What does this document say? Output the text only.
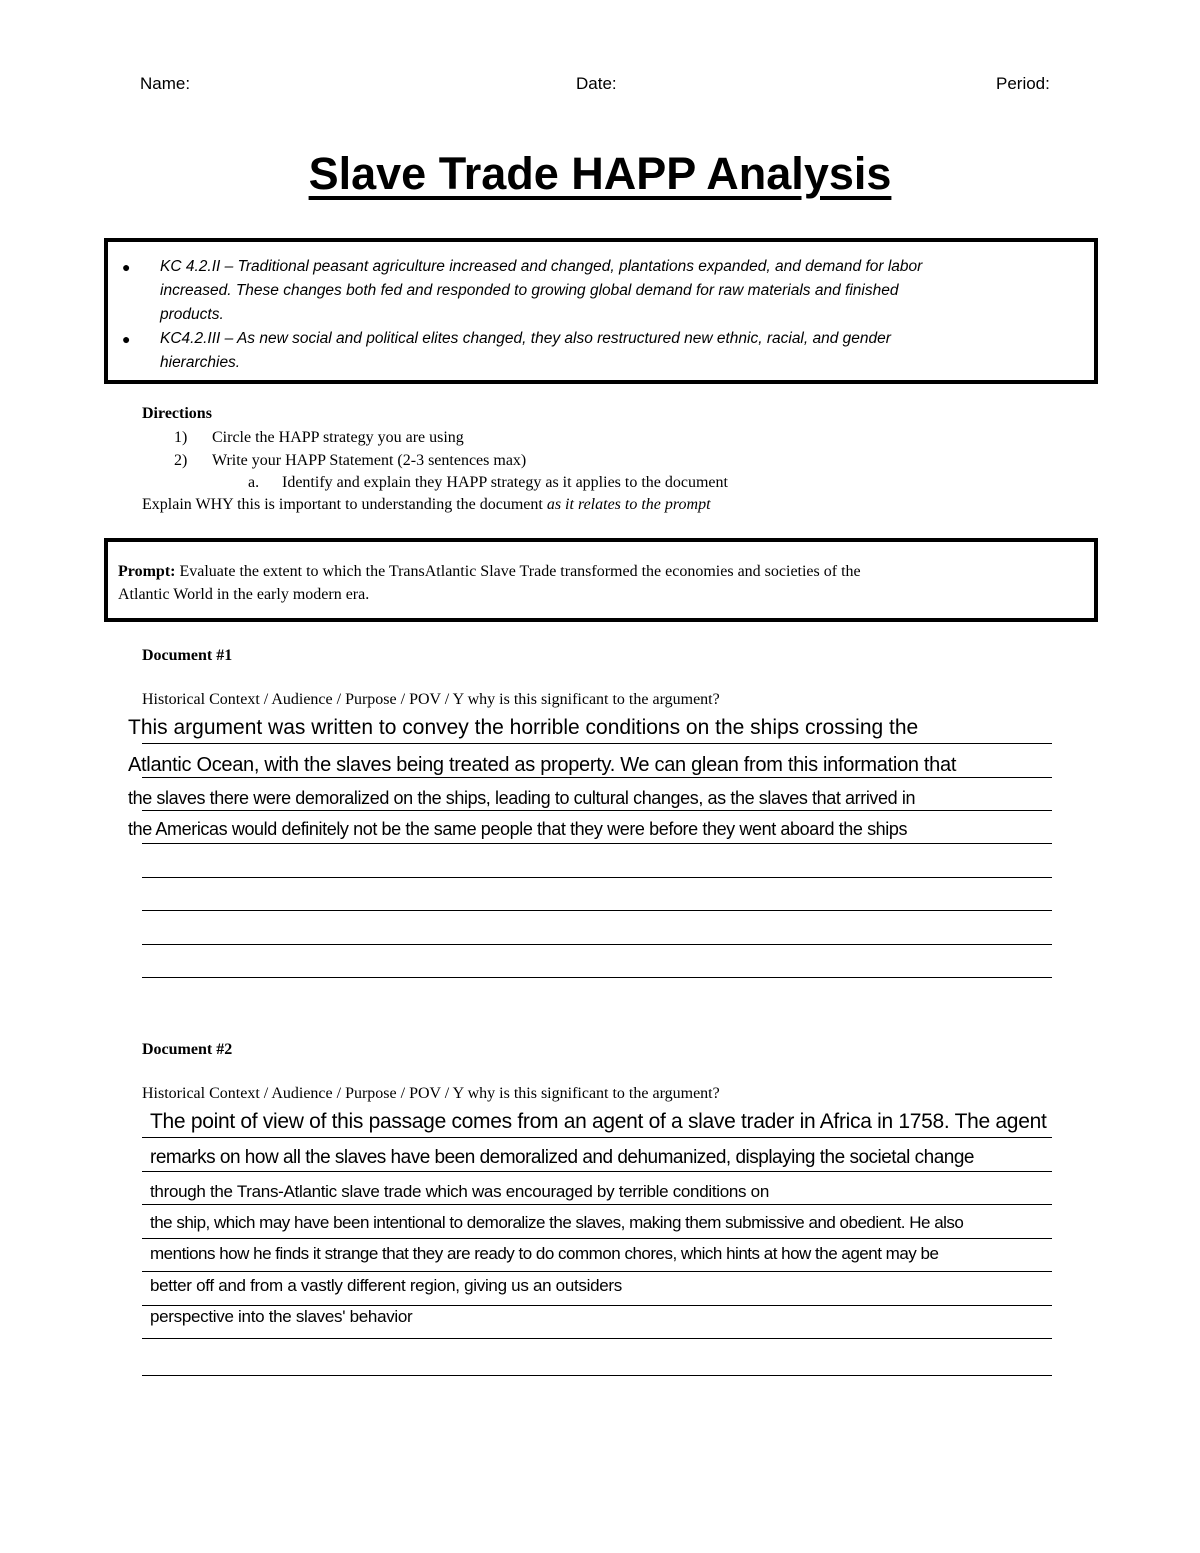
Name:	Date:	Period:
Slave Trade HAPP Analysis
● KC 4.2.II – Traditional peasant agriculture increased and changed, plantations expanded, and demand for labor
increased. These changes both fed and responded to growing global demand for raw materials and finished
products.
● KC4.2.III – As new social and political elites changed, they also restructured new ethnic, racial, and gender
hierarchies.
Directions
1) Circle the HAPP strategy you are using
2) Write your HAPP Statement (2-3 sentences max)
a. Identify and explain they HAPP strategy as it applies to the document
Explain WHY this is important to understanding the document as it relates to the prompt
Prompt: Evaluate the extent to which the TransAtlantic Slave Trade transformed the economies and societies of the
Atlantic World in the early modern era.
Document #1
Historical Context / Audience / Purpose / POV / Y why is this significant to the argument?
This argument was written to convey the horrible conditions on the ships crossing the
Atlantic Ocean, with the slaves being treated as property. We can glean from this information that
the slaves there were demoralized on the ships, leading to cultural changes, as the slaves that arrived in
the Americas would definitely not be the same people that they were before they went aboard the ships
Document #2
Historical Context / Audience / Purpose / POV / Y why is this significant to the argument?
The point of view of this passage comes from an agent of a slave trader in Africa in 1758. The agent
remarks on how all the slaves have been demoralized and dehumanized, displaying the societal change
through the Trans-Atlantic slave trade which was encouraged by terrible conditions on
the ship, which may have been intentional to demoralize the slaves, making them submissive and obedient. He also
mentions how he finds it strange that they are ready to do common chores, which hints at how the agent may be
better off and from a vastly different region, giving us an outsiders
perspective into the slaves' behavior
